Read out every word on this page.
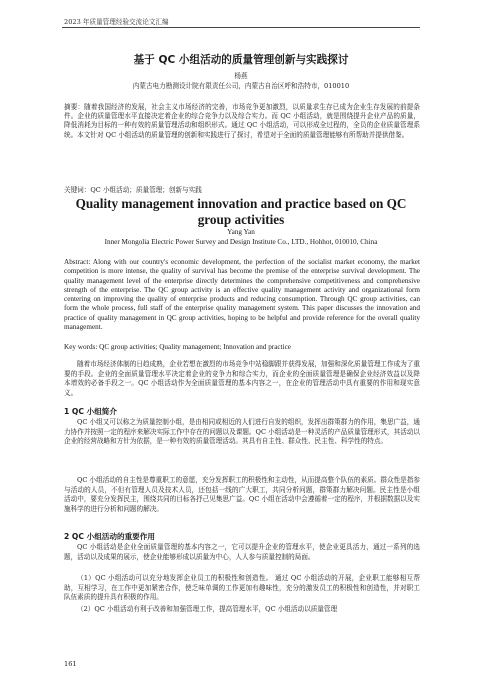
2023 年质量管理经验交流论文汇编
基于 QC 小组活动的质量管理创新与实践探讨
杨燕
内蒙古电力勘测设计院有限责任公司，内蒙古自治区呼和浩特市，010010

摘要：随着我国经济的发展，社会主义市场经济的完善，市场竞争更加激烈，以质量求生存已成为企业生存发展的前提条件。企业的质量管理水平直接决定着企业的综合竞争力以及综合实力。而 QC 小组活动，就是围绕提升企业产品的质量，降低消耗为目标的一种有效的质量管理活动和组织形式。通过 QC 小组活动，可以形成全过程的，全员的企业质量管理系统。本文针对 QC 小组活动的质量管理的创新和实践进行了探讨，希望对于全面的质量管理能够有所帮助并提供借鉴。

关键词：QC 小组活动；质量管理；创新与实践

Quality management innovation and practice based on QC group activities
Yang Yan
Inner Mongolia Electric Power Survey and Design Institute Co., LTD., Hohhot, 010010, China

Abstract: Along with our country's economic development, the perfection of the socialist market economy, the market competition is more intense, the quality of survival has become the premise of the enterprise survival development. The quality management level of the enterprise directly determines the comprehensive competitiveness and comprehensive strength of the enterprise. The QC group activity is an effective quality management activity and organizational form centering on improving the quality of enterprise products and reducing consumption. Through QC group activities, can form the whole process, full staff of the enterprise quality management system. This paper discusses the innovation and practice of quality management in QC group activities, hoping to be helpful and provide reference for the overall quality management.

Key words: QC group activities; Quality management; Innovation and practice

随着市场经济体制的日趋成熟，企业若想在激烈的市场竞争中站稳脚跟并获得发展，加强和深化质量管理工作成为了重要的手段。企业的全面质量管理水平决定着企业的竞争力和综合实力，而企业的全面质量管理是确保企业经济效益以及降本增效的必备手段之一。QC 小组活动作为全面质量管理的基本内容之一，在企业的管理活动中具有重要的作用和现实意义。

1 QC 小组简介

QC 小组又可以称之为质量控制小组，是由相同或相近的人们进行自发的组织，发挥出群策群力的作用，集思广益，通力协作并按照一定的程序来解决实际工作中存在的问题以及课题。QC 小组活动是一种灵活的产品质量管理形式，其活动以企业的经营战略和方针为依据，是一种有效的质量管理活动。其具有自主性、群众性、民主性、科学性的特点。

QC 小组活动的自主性是尊重职工的意愿，充分发挥职工的积极性和主动性，从而提高整个队伍的素质。群众性是指参与活动的人员，不但有管理人员及技术人员，还包括一线的广大职工，共同分析问题，群策群力解决问题。民主性是小组活动中，要充分发挥民主，围绕共同的目标各抒己见集思广益。QC 小组在活动中会遵循着一定的程序，并根据数据以及实施科学的进行分析和问题的解决。

2 QC 小组活动的重要作用

QC 小组活动是企业全面质量管理的基本内容之一，它可以提升企业的管理水平，使企业更具活力，通过一系列的选题，活动以及成果的展示，使企业能够形成以质量为中心，人人参与质量控制的局面。

（1）QC 小组活动可以充分地发挥企业员工的积极性和创造性。 通过 QC 小组活动的开展，企业职工能够相互帮助，互相学习，在工作中更加紧密合作，使乏味单调的工作更加有趣味性，充分的激发员工的积极性和创造性，并对职工队伍素质的提升具有积极的作用。

（2）QC 小组活动有利于改善和加强管理工作，提高管理水平，QC 小组活动以质量管理

161
